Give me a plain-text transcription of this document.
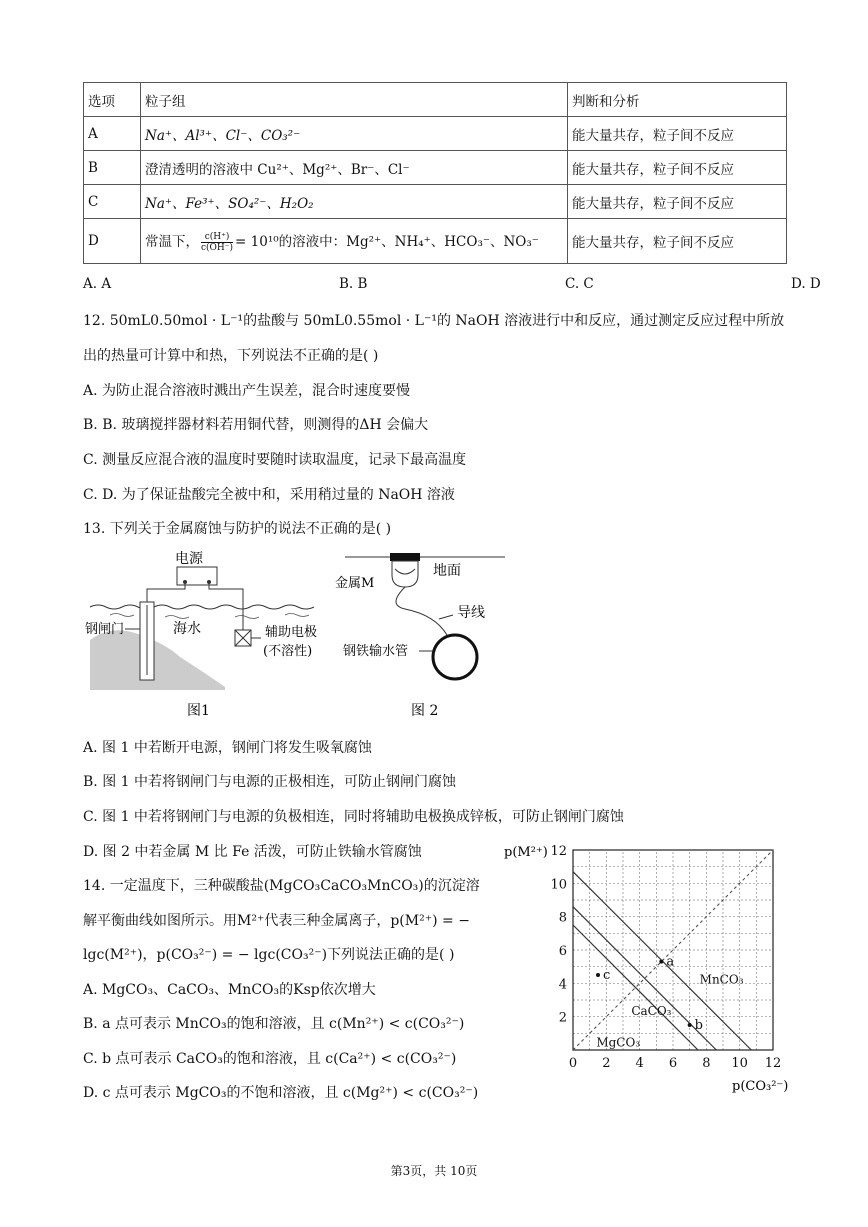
选项	粒子组	判断和分析
A	Na⁺、Al³⁺、Cl⁻、CO₃²⁻	能大量共存，粒子间不反应
B	澄清透明的溶液中 Cu²⁺、Mg²⁺、Br⁻、Cl⁻	能大量共存，粒子间不反应
C	Na⁺、Fe³⁺、SO₄²⁻、H₂O₂	能大量共存，粒子间不反应
D	常温下， $\frac{c(H^+)}{c(OH^-)} = 10^{10}$的溶液中：Mg²⁺、NH₄⁺、HCO₃⁻、NO₃⁻	能大量共存，粒子间不反应
A. A	B. B	C. C	D. D
12. 50mL0.50mol · L⁻¹的盐酸与 50mL0.55mol · L⁻¹的 NaOH 溶液进行中和反应，通过测定反应过程中所放
出的热量可计算中和热，下列说法不正确的是( )
A. 为防止混合溶液时溅出产生误差，混合时速度要慢
B. B. 玻璃搅拌器材料若用铜代替，则测得的ΔH 会偏大
C. 测量反应混合液的温度时要随时读取温度，记录下最高温度
C. D. 为了保证盐酸完全被中和，采用稍过量的 NaOH 溶液
13. 下列关于金属腐蚀与防护的说法不正确的是( )
电源
钢闸门	海水	辅助电极
(不溶性)
图1
金属M
地面
导线
钢铁输水管
图 2
A. 图 1 中若断开电源，钢闸门将发生吸氧腐蚀
B. 图 1 中若将钢闸门与电源的正极相连，可防止钢闸门腐蚀
C. 图 1 中若将钢闸门与电源的负极相连，同时将辅助电极换成锌板，可防止钢闸门腐蚀
D. 图 2 中若金属 M 比 Fe 活泼，可防止铁输水管腐蚀
14. 一定温度下，三种碳酸盐(MgCO₃CaCO₃MnCO₃)的沉淀溶
解平衡曲线如图所示。用M²⁺代表三种金属离子，p(M²⁺) = −
lgc(M²⁺)，p(CO₃²⁻) = − lgc(CO₃²⁻)下列说法正确的是( )
A. MgCO₃、CaCO₃、MnCO₃的Ksp依次增大
B. a 点可表示 MnCO₃的饱和溶液，且 c(Mn²⁺) < c(CO₃²⁻)
C. b 点可表示 CaCO₃的饱和溶液，且 c(Ca²⁺) < c(CO₃²⁻)
D. c 点可表示 MgCO₃的不饱和溶液，且 c(Mg²⁺) < c(CO₃²⁻)
MgCO₃
CaCO₃
MnCO₃
a
b
c
0 2 4 6 8 10 12
2
4
6
8
10
12
p(M²⁺)
p(CO₃²⁻)
第3页，共 10页
